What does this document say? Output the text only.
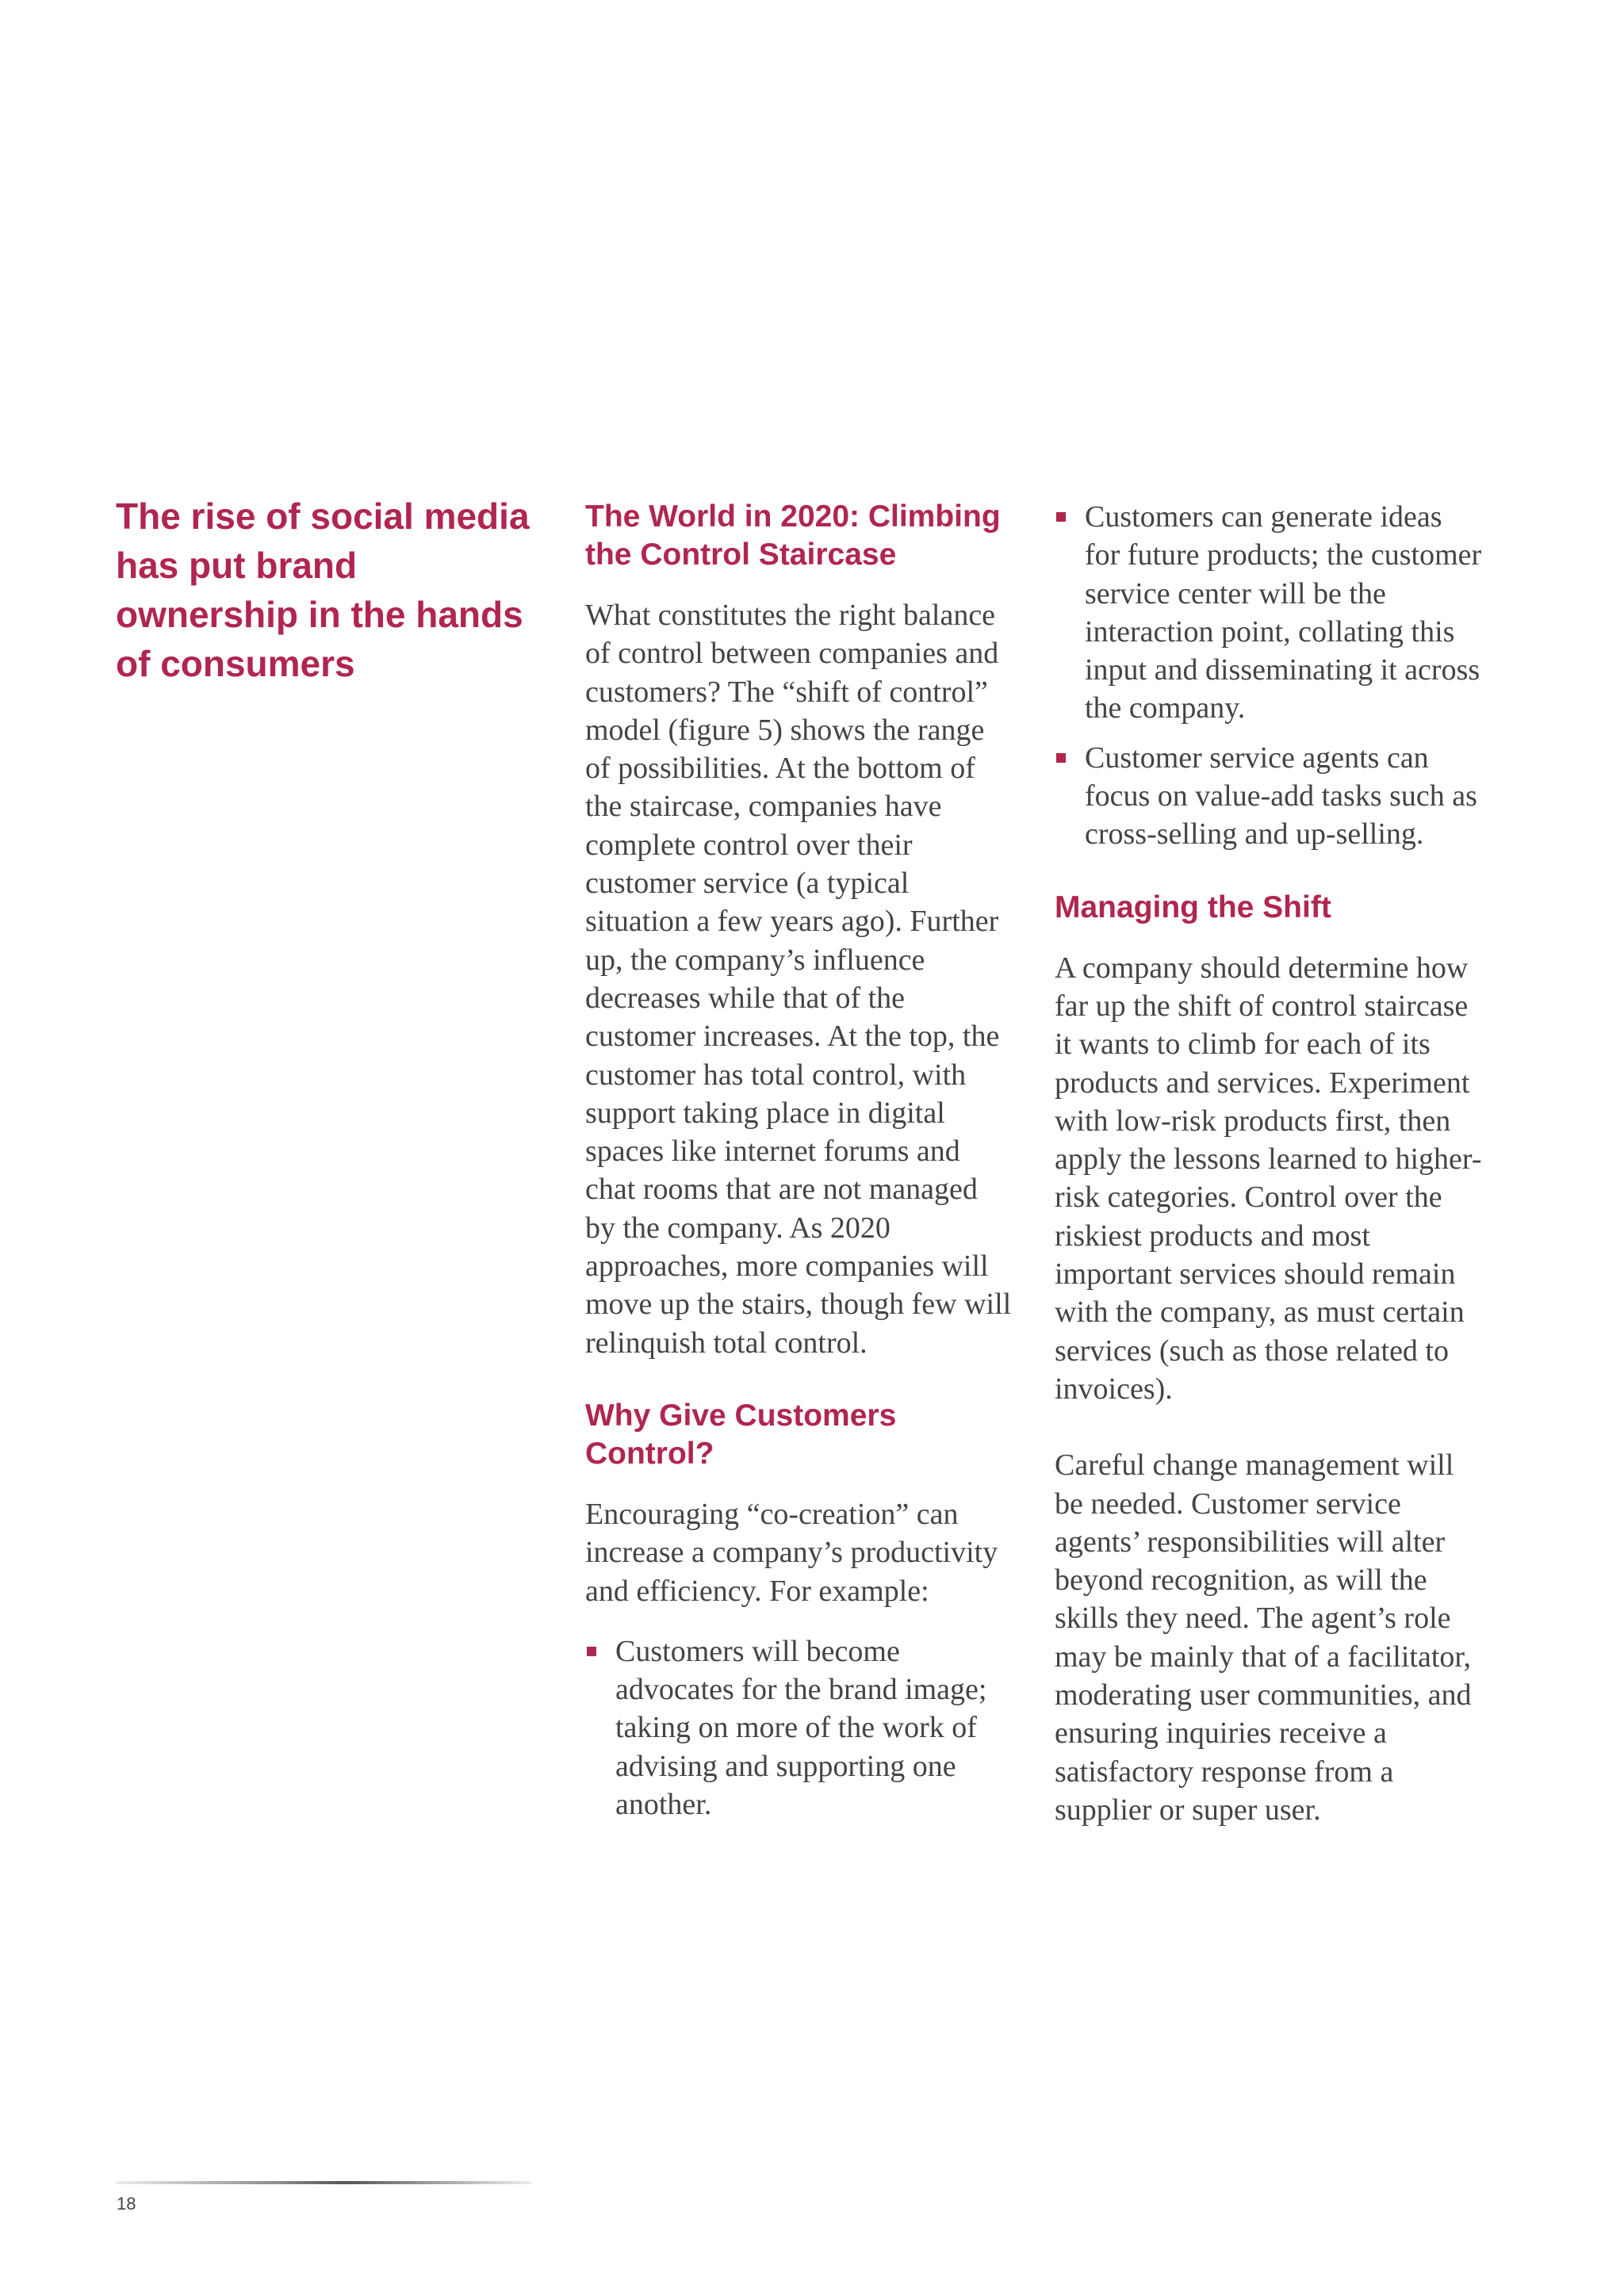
The rise of social media has put brand ownership in the hands of consumers
The World in 2020: Climbing the Control Staircase

What constitutes the right balance of control between companies and customers? The “shift of control” model (figure 5) shows the range of possibilities. At the bottom of the staircase, companies have complete control over their customer service (a typical situation a few years ago). Further up, the company’s influence decreases while that of the customer increases. At the top, the customer has total control, with support taking place in digital spaces like internet forums and chat rooms that are not managed by the company. As 2020 approaches, more companies will move up the stairs, though few will relinquish total control.

Why Give Customers Control?

Encouraging “co-creation” can increase a company’s productivity and efficiency. For example:

Customers will become advocates for the brand image; taking on more of the work of advising and supporting one another.
Customers can generate ideas for future products; the customer service center will be the interaction point, collating this input and disseminating it across the company.
Customer service agents can focus on value-add tasks such as cross-selling and up-selling.
Managing the Shift

A company should determine how far up the shift of control staircase it wants to climb for each of its products and services. Experiment with low-risk products first, then apply the lessons learned to higher-risk categories. Control over the riskiest products and most important services should remain with the company, as must certain services (such as those related to invoices).

Careful change management will be needed. Customer service agents’ responsibilities will alter beyond recognition, as will the skills they need. The agent’s role may be mainly that of a facilitator, moderating user communities, and ensuring inquiries receive a satisfactory response from a supplier or super user.

18
